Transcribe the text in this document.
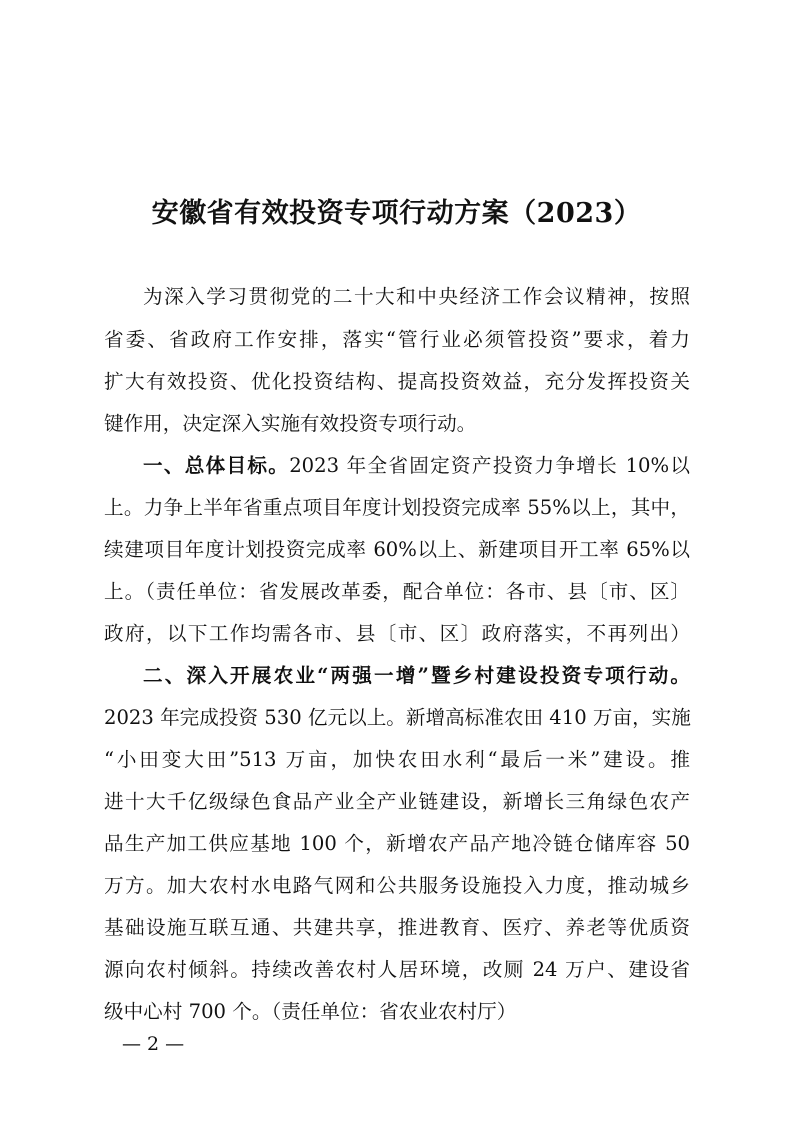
安徽省有效投资专项行动方案（2023）
为深入学习贯彻党的二十大和中央经济工作会议精神，按照
省委、省政府工作安排，落实“管行业必须管投资”要求，着力
扩大有效投资、优化投资结构、提高投资效益，充分发挥投资关
键作用，决定深入实施有效投资专项行动。
一、总体目标。2023 年全省固定资产投资力争增长 10%以
上。力争上半年省重点项目年度计划投资完成率 55%以上，其中，
续建项目年度计划投资完成率 60%以上、新建项目开工率 65%以
上。（责任单位：省发展改革委，配合单位：各市、县〔市、区〕
政府，以下工作均需各市、县〔市、区〕政府落实，不再列出）
二、深入开展农业“两强一增”暨乡村建设投资专项行动。
2023 年完成投资 530 亿元以上。新增高标准农田 410 万亩，实施
“小田变大田”513 万亩，加快农田水利“最后一米”建设。推
进十大千亿级绿色食品产业全产业链建设，新增长三角绿色农产
品生产加工供应基地 100 个，新增农产品产地冷链仓储库容 50
万方。加大农村水电路气网和公共服务设施投入力度，推动城乡
基础设施互联互通、共建共享，推进教育、医疗、养老等优质资
源向农村倾斜。持续改善农村人居环境，改厕 24 万户、建设省
级中心村 700 个。（责任单位：省农业农村厅）
— 2 —
